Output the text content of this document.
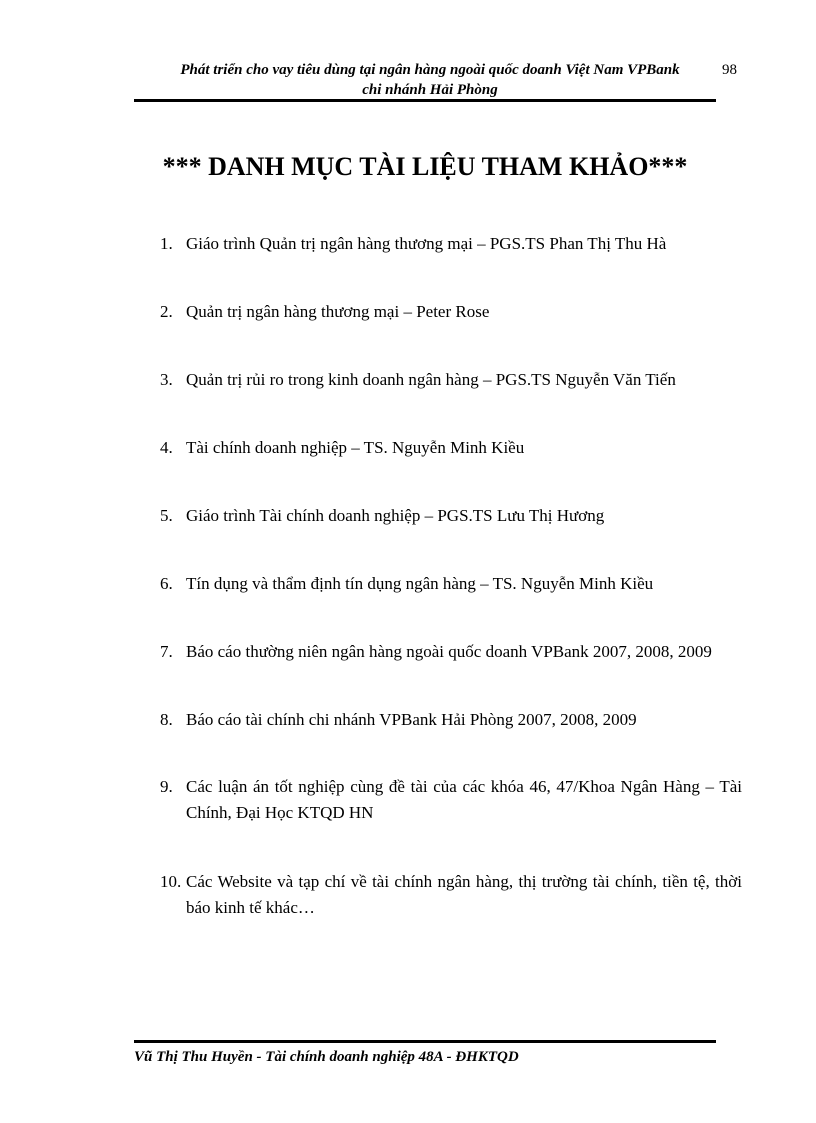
Phát triển cho vay tiêu dùng tại ngân hàng ngoài quốc doanh Việt Nam VPBank
chi nhánh Hải Phòng
98
*** DANH MỤC TÀI LIỆU THAM KHẢO***
1. Giáo trình Quản trị ngân hàng thương mại – PGS.TS Phan Thị Thu Hà
2. Quản trị ngân hàng thương mại – Peter Rose
3. Quản trị rủi ro trong kinh doanh ngân hàng – PGS.TS Nguyễn Văn Tiến
4. Tài chính doanh nghiệp – TS. Nguyễn Minh Kiều
5. Giáo trình Tài chính doanh nghiệp – PGS.TS Lưu Thị Hương
6. Tín dụng và thẩm định tín dụng ngân hàng – TS. Nguyễn Minh Kiều
7. Báo cáo thường niên ngân hàng ngoài quốc doanh VPBank 2007, 2008, 2009
8. Báo cáo tài chính chi nhánh VPBank Hải Phòng 2007, 2008, 2009
9. Các luận án tốt nghiệp cùng đề tài của các khóa 46, 47/Khoa Ngân Hàng – Tài Chính, Đại Học KTQD HN
10. Các Website và tạp chí về tài chính ngân hàng, thị trường tài chính, tiền tệ, thời báo kinh tế khác…
Vũ Thị Thu Huyền - Tài chính doanh nghiệp 48A - ĐHKTQD
